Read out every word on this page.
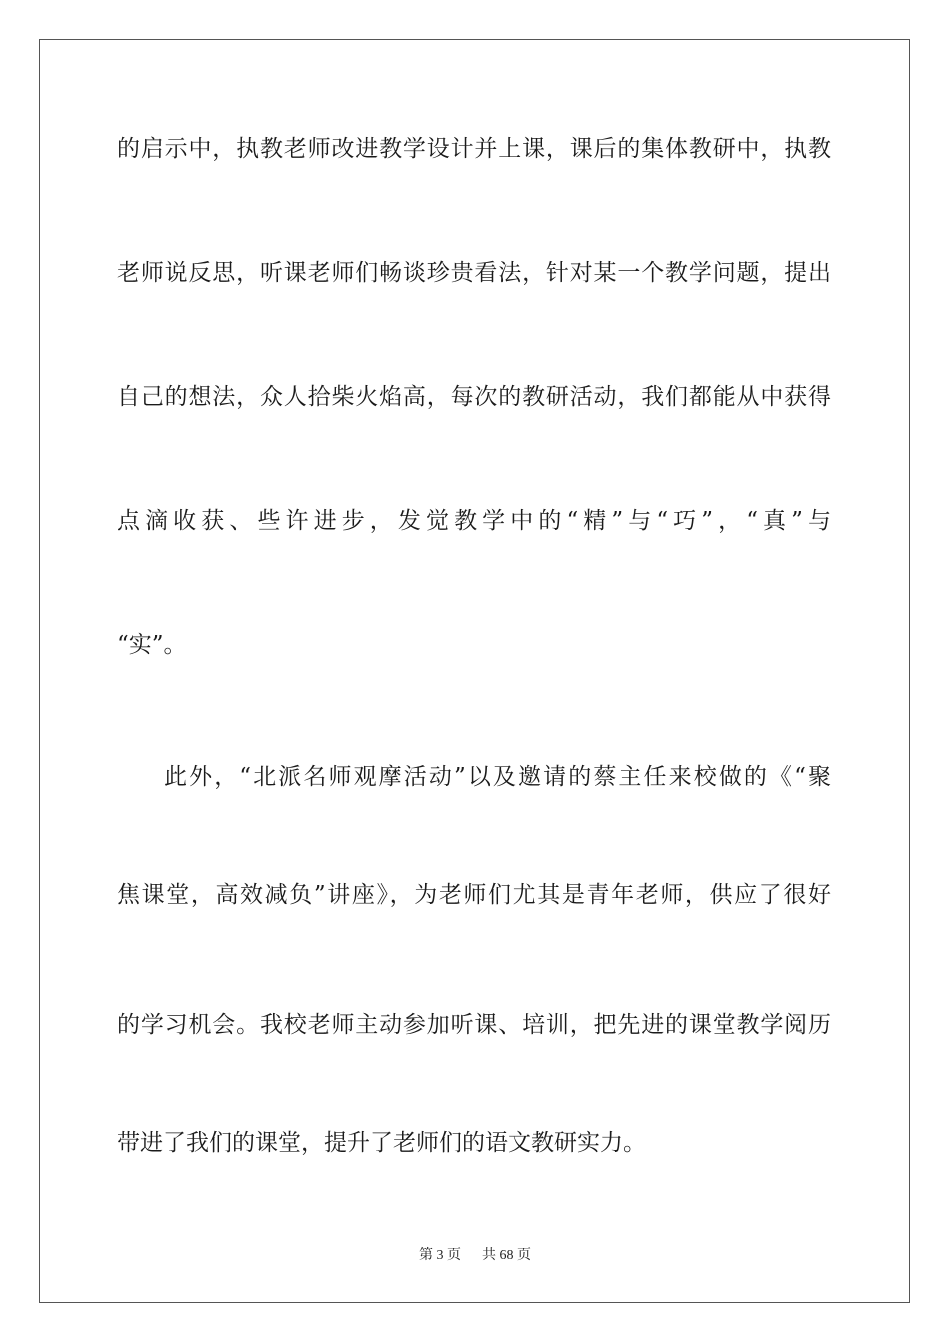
的启示中，执教老师改进教学设计并上课，课后的集体教研中，执教
老师说反思，听课老师们畅谈珍贵看法，针对某一个教学问题，提出
自己的想法，众人拾柴火焰高，每次的教研活动，我们都能从中获得
点滴收获、些许进步，发觉教学中的“精”与“巧”，“真”与
“实”。
此外，“北派名师观摩活动”以及邀请的蔡主任来校做的《“聚
焦课堂，高效减负”讲座》，为老师们尤其是青年老师，供应了很好
的学习机会。我校老师主动参加听课、培训，把先进的课堂教学阅历
带进了我们的课堂，提升了老师们的语文教研实力。
第 3 页 共 68 页
